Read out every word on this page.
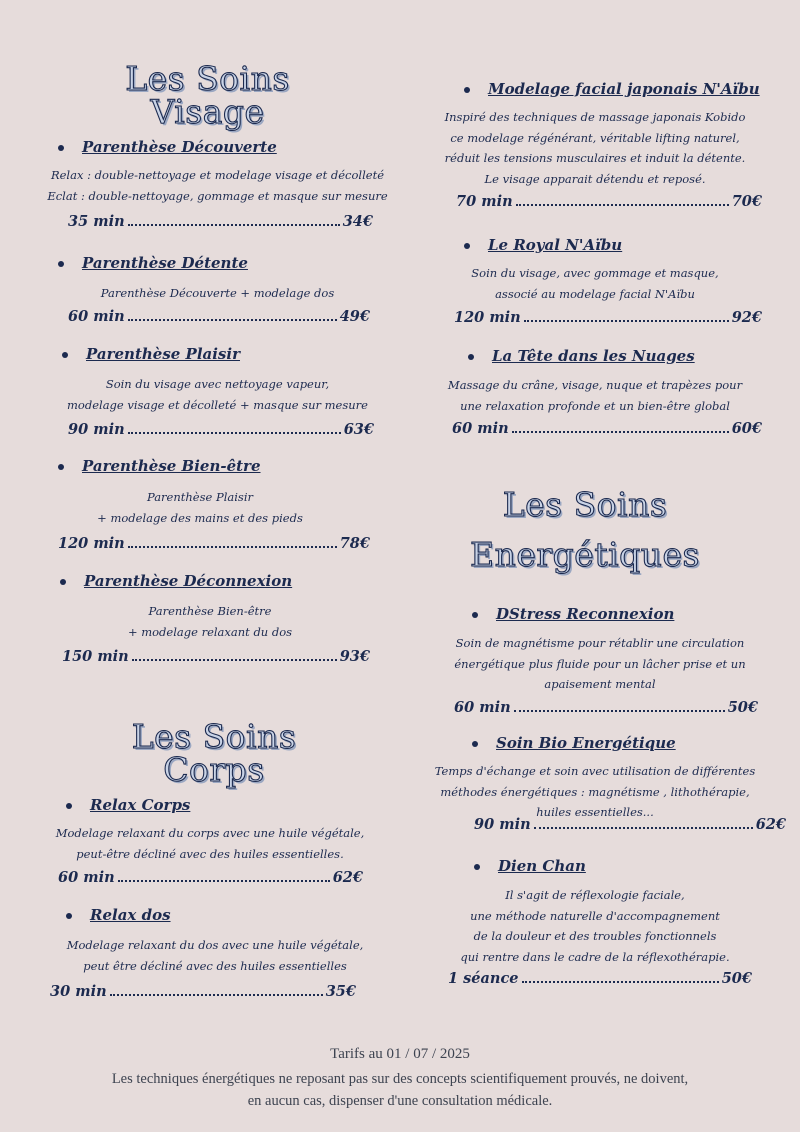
Les Soins Visage
Parenthèse Découverte
Relax : double-nettoyage et modelage visage et décolleté
Eclat : double-nettoyage, gommage et masque sur mesure
35 min	34€
Parenthèse Détente
Parenthèse Découverte + modelage dos
60 min	49€
Parenthèse Plaisir
Soin du visage avec nettoyage vapeur,
modelage visage et décolleté + masque sur mesure
90 min	63€
Parenthèse Bien-être
Parenthèse Plaisir
+ modelage des mains et des pieds
120 min	78€
Parenthèse Déconnexion
Parenthèse Bien-être
+ modelage relaxant du dos
150 min	93€
Les Soins Corps
Relax Corps
Modelage relaxant du corps avec une huile végétale,
peut-être décliné avec des huiles essentielles.
60 min	62€
Relax dos
Modelage relaxant du dos avec une huile végétale,
peut être décliné avec des huiles essentielles
30 min	35€
Modelage facial japonais N'Aïbu
Inspiré des techniques de massage japonais Kobido
ce modelage régénérant, véritable lifting naturel,
réduit les tensions musculaires et induit la détente.
Le visage apparait détendu et reposé.
70 min	70€
Le Royal N'Aïbu
Soin du visage, avec gommage et masque,
associé au modelage facial N'Aïbu
120 min	92€
La Tête dans les Nuages
Massage du crâne, visage, nuque et trapèzes pour
une relaxation profonde et un bien-être global
60 min	60€
Les Soins
Energétiques
DStress Reconnexion
Soin de magnétisme pour rétablir une circulation
énergétique plus fluide pour un lâcher prise et un
apaisement mental
60 min	50€
Soin Bio Energétique
Temps d'échange et soin avec utilisation de différentes
méthodes énergétiques : magnétisme , lithothérapie,
huiles essentielles...
90 min	62€
Dien Chan
Il s'agit de réflexologie faciale,
une méthode naturelle d'accompagnement
de la douleur et des troubles fonctionnels
qui rentre dans le cadre de la réflexothérapie.
1 séance	50€
Tarifs au 01 / 07 / 2025
Les techniques énergétiques ne reposant pas sur des concepts scientifiquement prouvés, ne doivent,
en aucun cas, dispenser d'une consultation médicale.
